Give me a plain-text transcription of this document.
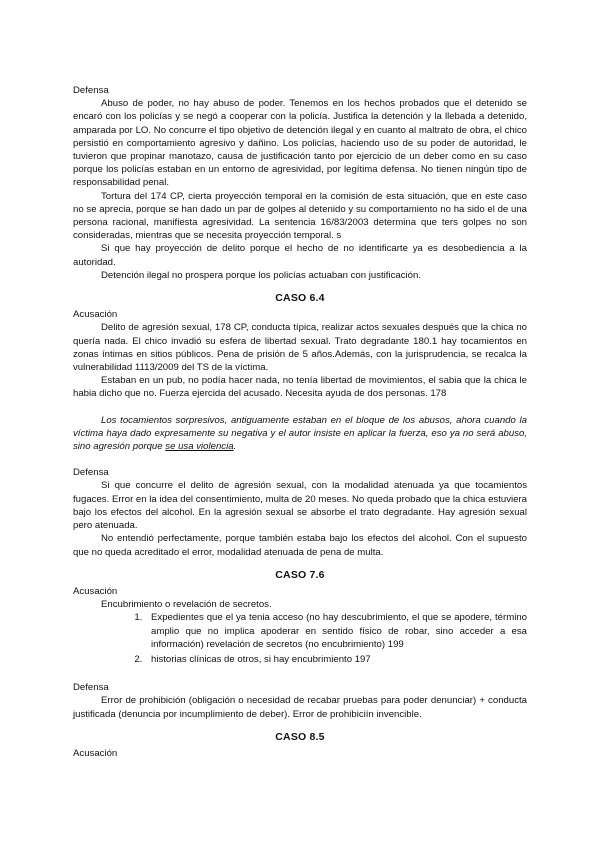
Defensa

Abuso de poder, no hay abuso de poder. Tenemos en los hechos probados que el detenido se encaró con los policías y se negó a cooperar con la policía. Justifica la detención y la llebada a detenido, amparada por LO. No concurre el tipo objetivo de detención ilegal y en cuanto al maltrato de obra, el chico persistió en comportamiento agresivo y dañino. Los policías, haciendo uso de su poder de autoridad, le tuvieron que propinar manotazo, causa de justificación tanto por ejercicio de un deber como en su caso porque los policías estaban en un entorno de agresividad, por legítima defensa. No tienen ningún tipo de responsabilidad penal.

Tortura del 174 CP, cierta proyección temporal en la comisión de esta situación, que en este caso no se aprecia, porque se han dado un par de golpes al detenido y su comportamiento no ha sido el de una persona racional, manifiesta agresividad. La sentencia 16/83/2003 determina que ters golpes no son consideradas, mientras que se necesita proyección temporal. s

Si que hay proyección de delito porque el hecho de no identificarte ya es desobediencia a la autoridad.

Detención ilegal no prospera porque los policías actuaban con justificación.

CASO 6.4

Acusación

Delito de agresión sexual, 178 CP, conducta típica, realizar actos sexuales después que la chica no quería nada. El chico invadió su esfera de libertad sexual. Trato degradante 180.1 hay tocamientos en zonas íntimas en sitios públicos. Pena de prisión de 5 años.Además, con la jurisprudencia, se recalca la vulnerabilidad 1113/2009 del TS de la víctima.

Estaban en un pub, no podía hacer nada, no tenía libertad de movimientos, el sabia que la chica le habia dicho que no. Fuerza ejercida del acusado. Necesita ayuda de dos personas. 178

Los tocamientos sorpresivos, antiguamente estaban en el bloque de los abusos, ahora cuando la víctima haya dado expresamente su negativa y el autor insiste en aplicar la fuerza, eso ya no será abuso, sino agresión porque se usa violencia.

Defensa

Si que concurre el delito de agresión sexual, con la modalidad atenuada ya que tocamientos fugaces. Error en la idea del consentimiento, multa de 20 meses. No queda probado que la chica estuviera bajo los efectos del alcohol. En la agresión sexual se absorbe el trato degradante. Hay agresión sexual pero atenuada.

No entendió perfectamente, porque también estaba bajo los efectos del alcohol. Con el supuesto que no queda acreditado el error, modalidad atenuada de pena de multa.

CASO 7.6

Acusación

Encubrimiento o revelación de secretos.

1. Expedientes que el ya tenia acceso (no hay descubrimiento, el que se apodere, término amplio que no implica apoderar en sentido físico de robar, sino acceder a esa información) revelación de secretos (no encubrimiento) 199
2. historias clínicas de otros, si hay encubrimiento 197

Defensa

Error de prohibición (obligación o necesidad de recabar pruebas para poder denunciar) + conducta justificada (denuncia por incumplimiento de deber). Error de prohibiciín invencible.

CASO 8.5

Acusación
